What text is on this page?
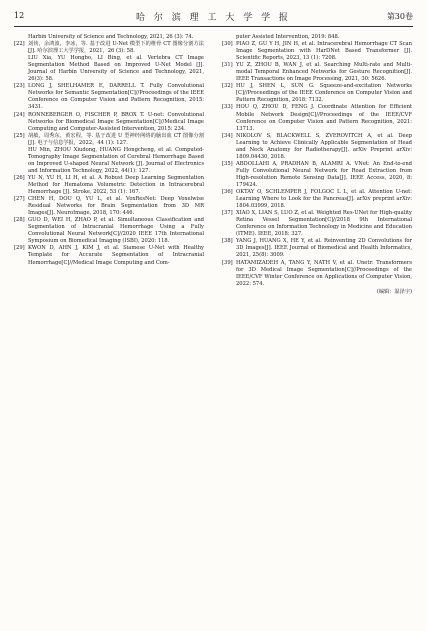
12	哈 尔 滨 理 工 大 学 学 报	第30卷
Harbin University of Science and Technology, 2021, 26 (3): 74.
[22] 刘侠，余鸿波，李冰，等. 基于改进 U-Net 模型下的椎骨 CT 图像分割方法[J]. 哈尔滨理工大学学报，2021，26 (3): 58.
LIU Xia, YU Hongbo, LI Bing, et al. Vertebra CT Image Segmentation Method Based on Improved U-Net Model [J]. Journal of Harbin University of Science and Technology, 2021, 26(3): 58.
[23] LONG J, SHELHAMER E, DARRELL T. Fully Convolutional Networks for Semantic Segmentation[C]//Proceedings of the IEEE Conference on Computer Vision and Pattern Recognition, 2015: 3431.
[24] RONNEBERGER O, FISCHER P, BROX T. U-net: Convolutional Networks for Biomedical Image Segmentation[C]//Medical Image Computing and Computer-Assisted Intervention, 2015: 234.
[25] 胡敏，周秀东，黄宏程，等. 基于改进 U 型神经网络的脑出血 CT 图像分割[J]. 电子与信息学报，2022，44 (1): 127.
HU Min, ZHOU Xiudong, HUANG Hongcheng, et al. Computed-Tomography Image Segmentation of Cerebral Hemorrhage Based on Improved U-shaped Neural Network [J]. Journal of Electronics and Information Technology, 2022, 44(1): 127.
[26] YU N, YU H, LI H, et al. A Robust Deep Learning Segmentation Method for Hematoma Volumetric Detection in Intracerebral Hemorrhage [J]. Stroke, 2022, 53 (1): 167.
[27] CHEN H, DOU Q, YU L, et al. VoxResNet: Deep Voxelwise Residual Networks for Brain Segmentation from 3D MR Images[J]. NeuroImage, 2018, 170: 446.
[28] GUO D, WEI H, ZHAO P, et al. Simultaneous Classification and Segmentation of Intracranial Hemorrhage Using a Fully Convolutional Neural Network[C]//2020 IEEE 17th International Symposium on Biomedical Imaging (ISBI), 2020: 118.
[29] KWON D, AHN J, KIM J, et al. Siamese U-Net with Healthy Template for Accurate Segmentation of Intracranial Hemorrhage[C]//Medical Image Computing and Com-
puter Assisted Intervention, 2019: 848.
[30] PIAO Z, GU Y H, JIN H, et al. Intracerebral Hemorrhage CT Scan Image Segmentation with HarDNet Based Transformer [J]. Scientific Reports, 2023, 13 (1): 7208.
[31] YU Z, ZHOU B, WAN J, et al. Searching Multi-rate and Multi-modal Temporal Enhanced Networks for Gesture Recognition[J]. IEEE Transactions on Image Processing, 2021, 30: 5626.
[32] HU J, SHEN L, SUN G. Squeeze-and-excitation Networks [C]//Proceedings of the IEEE Conference on Computer Vision and Pattern Recognition, 2018: 7132.
[33] HOU Q, ZHOU D, FENG J. Coordinate Attention for Efficient Mobile Network Design[C]//Proceedings of the IEEE/CVF Conference on Computer Vision and Pattern Recognition, 2021: 13713.
[34] NIKOLOV S, BLACKWELL S, ZVEROVITCH A, et al. Deep Learning to Achieve Clinically Applicable Segmentation of Head and Neck Anatomy for Radiotherapy[J]. arXiv Preprint arXiv: 1809.04430, 2018.
[35] ABDOLLAHI A, PRADHAN B, ALAMRI A. VNet: An End-to-end Fully Convolutional Neural Network for Road Extraction from High-resolution Remote Sensing Data[J]. IEEE Access, 2020, 8: 179424.
[36] OKTAY O, SCHLEMPER J, FOLGOC L L, et al. Attention U-net: Learning Where to Look for the Pancreas[J]. arXiv preprint arXiv: 1804.03999, 2018.
[37] XIAO X, LIAN S, LUO Z, et al. Weighted Res-UNet for High-quality Retina Vessel Segmentation[C]//2018 9th International Conference on Information Technology in Medicine and Education (ITME). IEEE, 2018: 327.
[38] YANG J, HUANG X, HE Y, et al. Reinventing 2D Convolutions for 3D Images[J]. IEEE Journal of Biomedical and Health Informatics, 2021, 25(8): 3009.
[39] HATAMIZADEH A, TANG Y, NATH V, et al. Unetr: Transformers for 3D Medical Image Segmentation[C]//Proceedings of the IEEE/CVF Winter Conference on Applications of Computer Vision, 2022: 574.
(编辑：温泽宇)
